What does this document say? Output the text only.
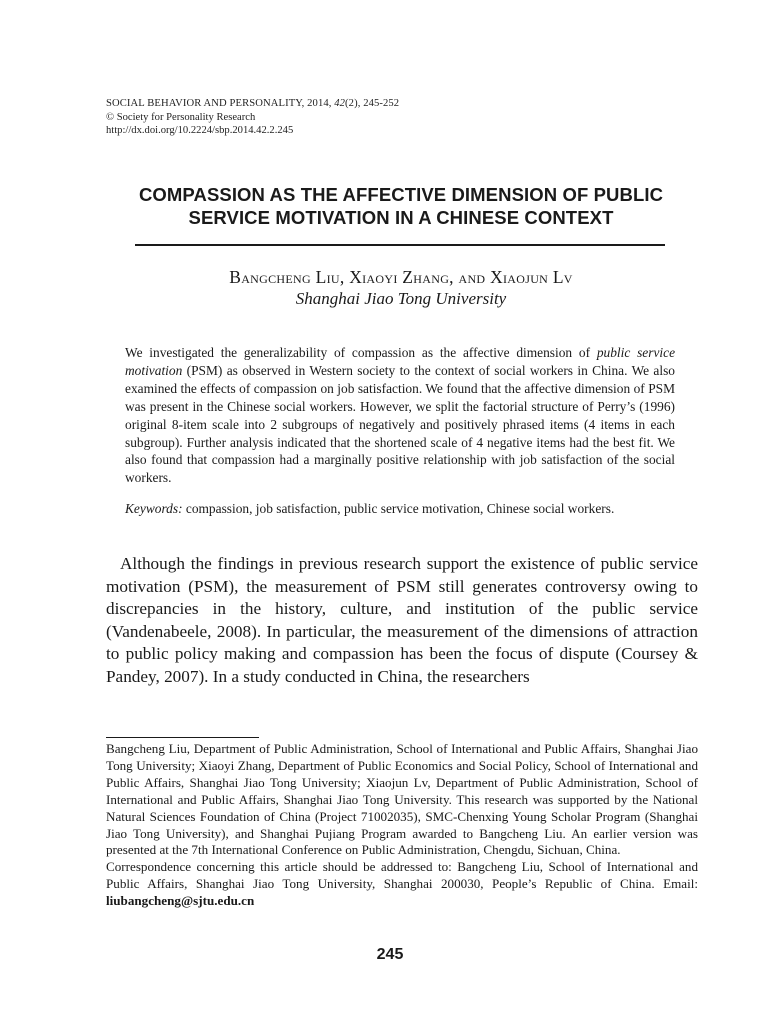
SOCIAL BEHAVIOR AND PERSONALITY, 2014, 42(2), 245-252
© Society for Personality Research
http://dx.doi.org/10.2224/sbp.2014.42.2.245
COMPASSION AS THE AFFECTIVE DIMENSION OF PUBLIC
SERVICE MOTIVATION IN A CHINESE CONTEXT
Bangcheng Liu, Xiaoyi Zhang, and Xiaojun Lv
Shanghai Jiao Tong University
We investigated the generalizability of compassion as the affective dimension of public service motivation (PSM) as observed in Western society to the context of social workers in China. We also examined the effects of compassion on job satisfaction. We found that the affective dimension of PSM was present in the Chinese social workers. However, we split the factorial structure of Perry’s (1996) original 8-item scale into 2 subgroups of negatively and positively phrased items (4 items in each subgroup). Further analysis indicated that the shortened scale of 4 negative items had the best fit. We also found that compassion had a marginally positive relationship with job satisfaction of the social workers.
Keywords: compassion, job satisfaction, public service motivation, Chinese social workers.
Although the findings in previous research support the existence of public service motivation (PSM), the measurement of PSM still generates controversy owing to discrepancies in the history, culture, and institution of the public service (Vandenabeele, 2008). In particular, the measurement of the dimensions of attraction to public policy making and compassion has been the focus of dispute (Coursey & Pandey, 2007). In a study conducted in China, the researchers

Bangcheng Liu, Department of Public Administration, School of International and Public Affairs, Shanghai Jiao Tong University; Xiaoyi Zhang, Department of Public Economics and Social Policy, School of International and Public Affairs, Shanghai Jiao Tong University; Xiaojun Lv, Department of Public Administration, School of International and Public Affairs, Shanghai Jiao Tong University. This research was supported by the National Natural Sciences Foundation of China (Project 71002035), SMC-Chenxing Young Scholar Program (Shanghai Jiao Tong University), and Shanghai Pujiang Program awarded to Bangcheng Liu. An earlier version was presented at the 7th International Conference on Public Administration, Chengdu, Sichuan, China.

Correspondence concerning this article should be addressed to: Bangcheng Liu, School of International and Public Affairs, Shanghai Jiao Tong University, Shanghai 200030, People’s Republic of China. Email: liubangcheng@sjtu.edu.cn

245
